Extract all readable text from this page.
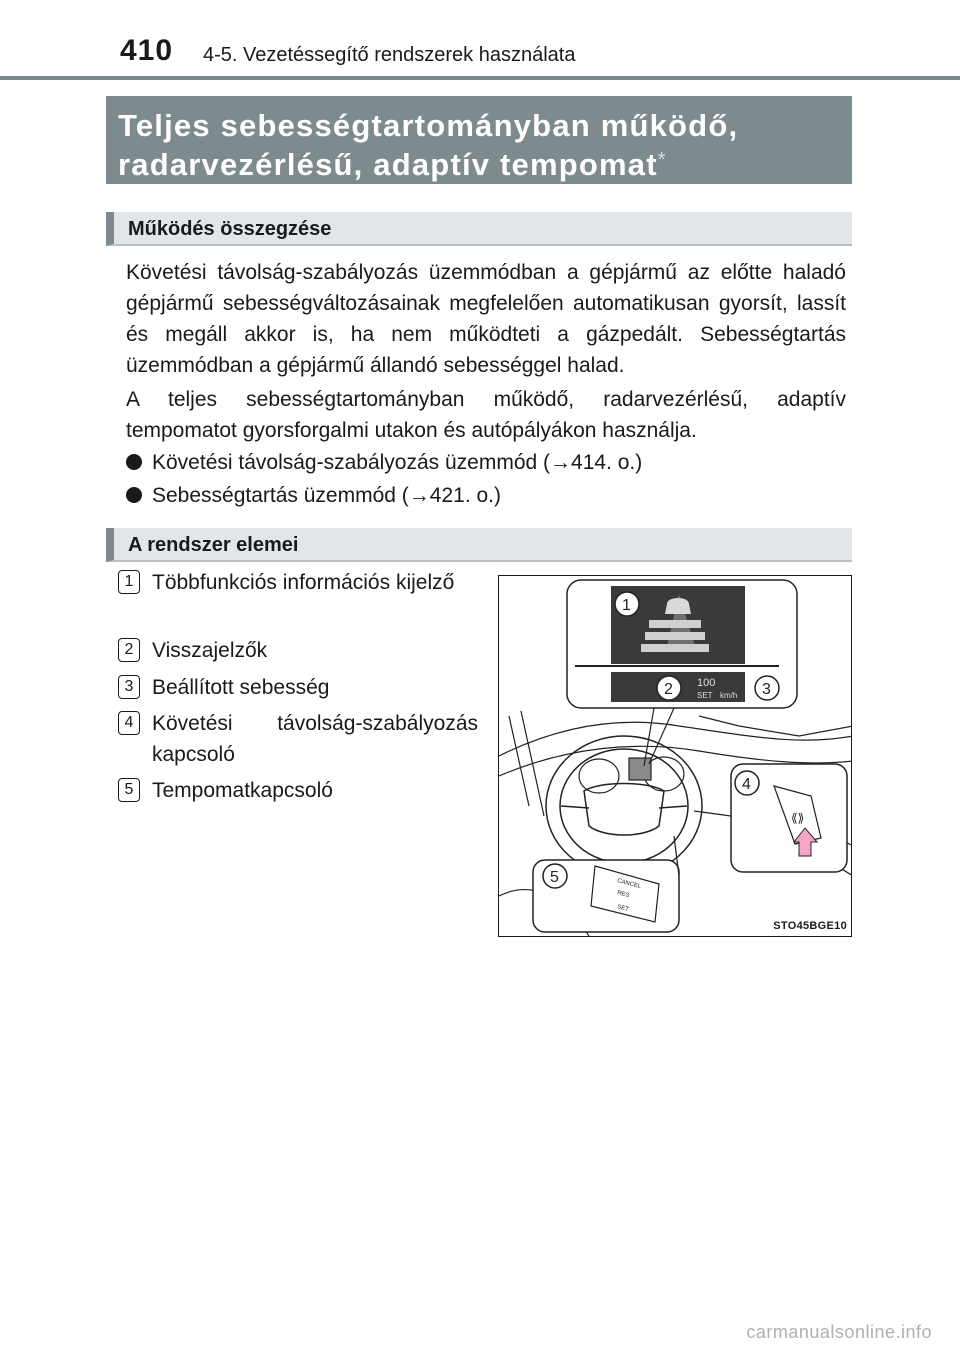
410 4-5. Vezetéssegítő rendszerek használata
Teljes sebességtartományban működő,
radarvezérlésű, adaptív tempomat*
Működés összegzése
Követési távolság-szabályozás üzemmódban a gépjármű az előtte haladó gépjármű sebességváltozásainak megfelelően automatikusan gyorsít, lassít és megáll akkor is, ha nem működteti a gázpedált. Sebességtartás üzemmódban a gépjármű állandó sebességgel halad.
A teljes sebességtartományban működő, radarvezérlésű, adaptív tempomatot gyorsforgalmi utakon és autópályákon használja.
Követési távolság-szabályozás üzemmód (→414. o.)
Sebességtartás üzemmód (→421. o.)
A rendszer elemei
1 Többfunkciós információs kijelző
2 Visszajelzők
3 Beállított sebesség
4 Követési távolság-szabályozás kapcsoló
5 Tempomatkapcsoló
100
SET km/h
1
2	3
⟪⟫
4
CANCEL
RES
SET
5
STO45BGE10
carmanualsonline.info
